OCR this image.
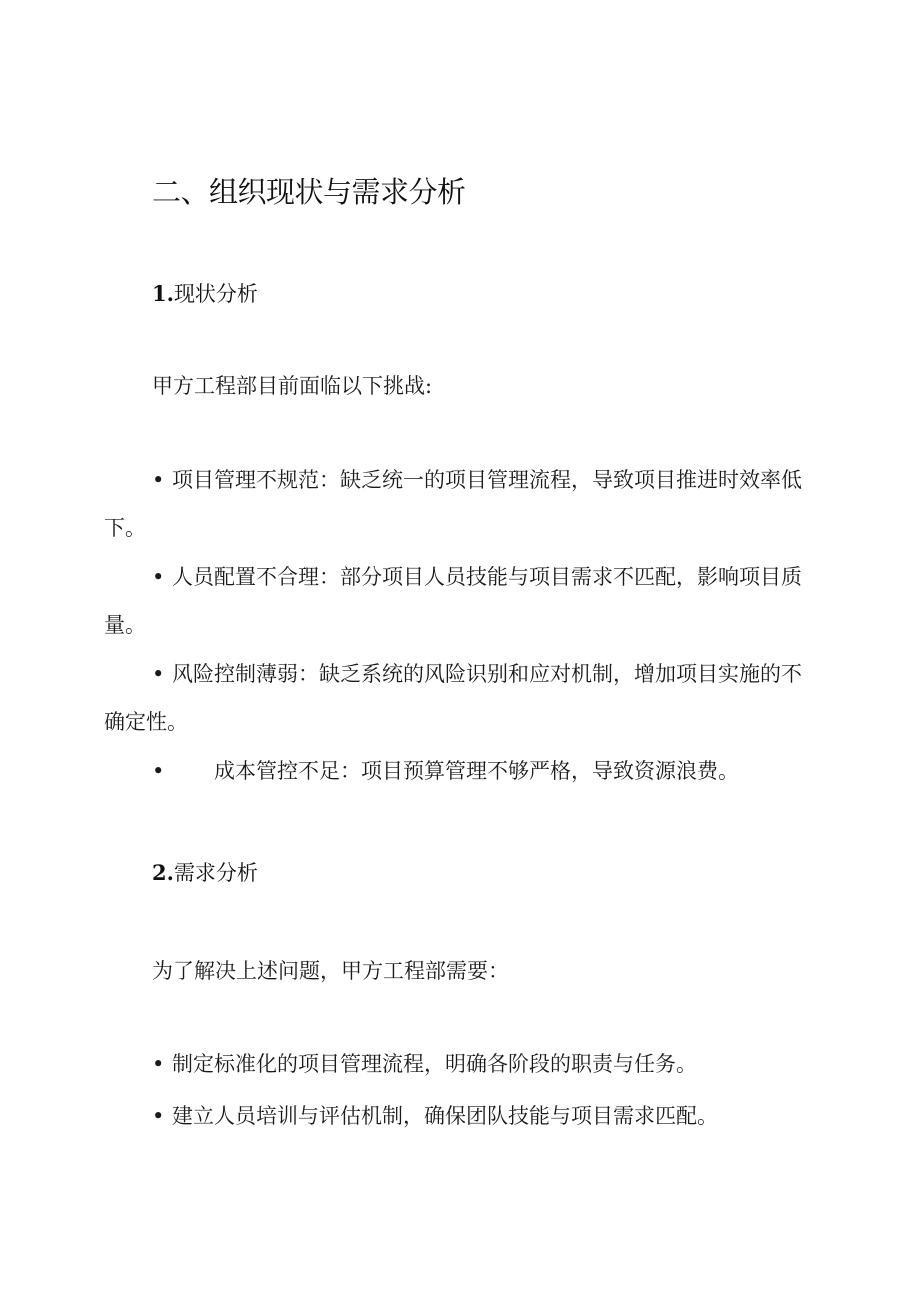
二、组织现状与需求分析
1.现状分析
甲方工程部目前面临以下挑战:
• 项目管理不规范：缺乏统一的项目管理流程，导致项目推进时效率低下。
• 人员配置不合理：部分项目人员技能与项目需求不匹配，影响项目质量。
• 风险控制薄弱：缺乏系统的风险识别和应对机制，增加项目实施的不确定性。
• 成本管控不足：项目预算管理不够严格，导致资源浪费。
2.需求分析
为了解决上述问题，甲方工程部需要：
• 制定标准化的项目管理流程，明确各阶段的职责与任务。
• 建立人员培训与评估机制，确保团队技能与项目需求匹配。
